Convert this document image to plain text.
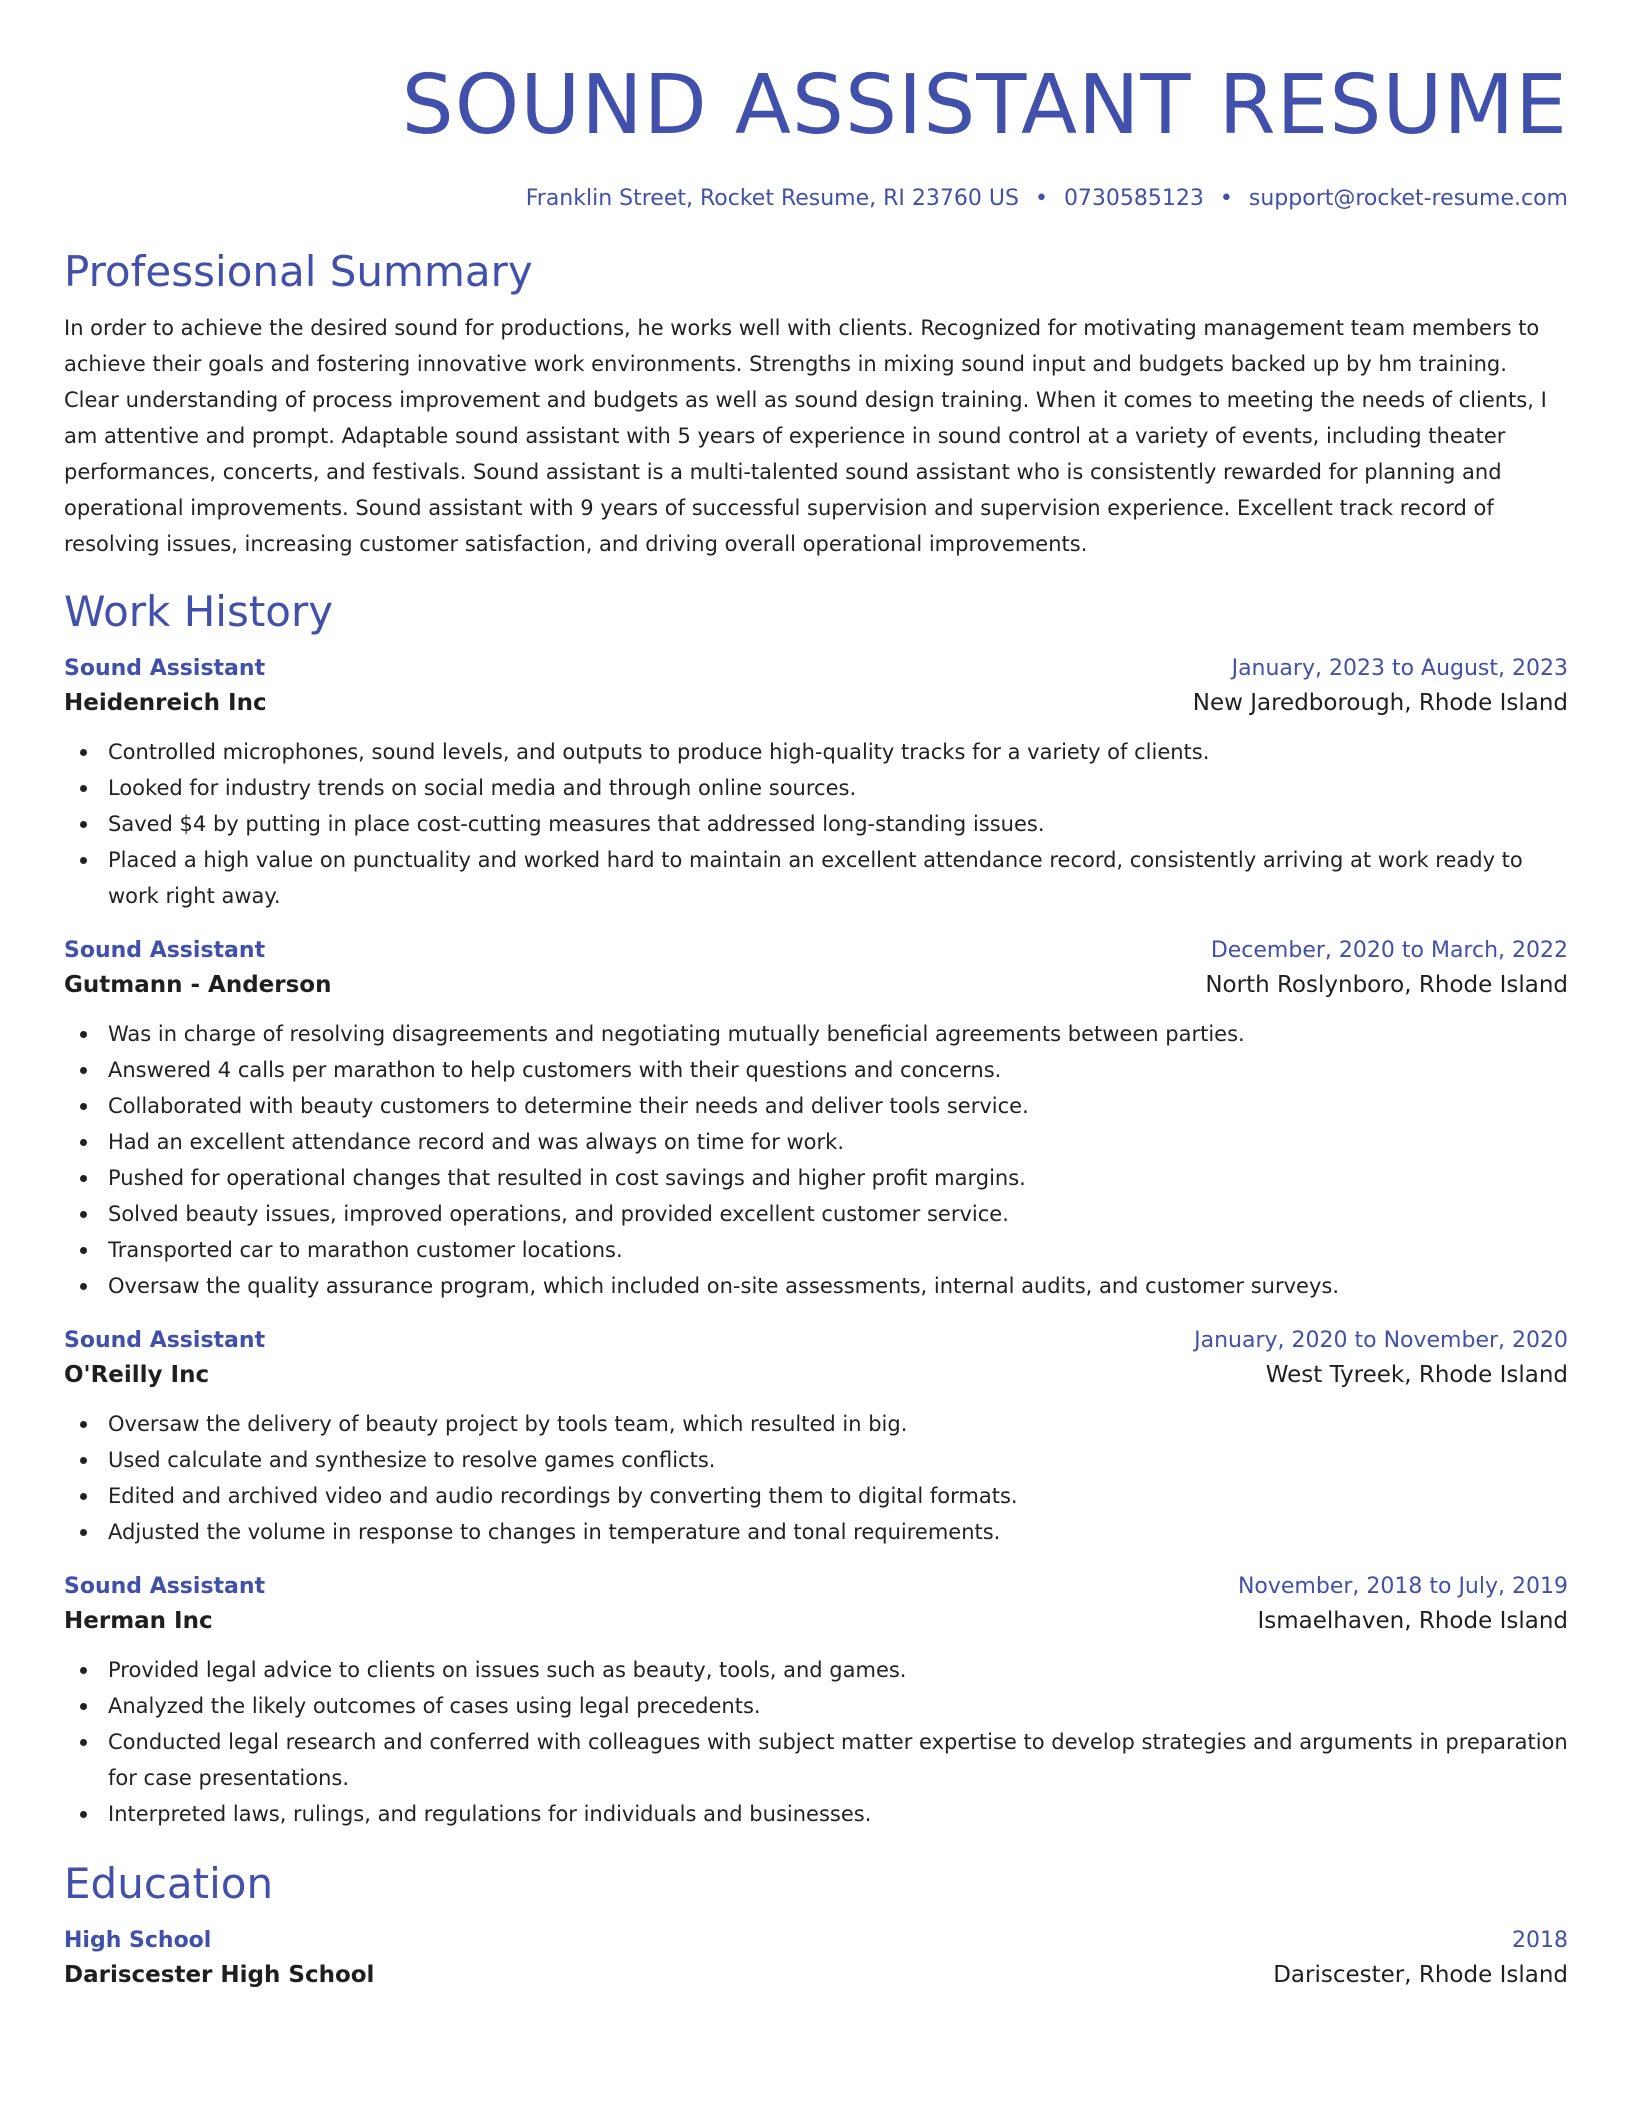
SOUND ASSISTANT RESUME
Franklin Street, Rocket Resume, RI 23760 US • 0730585123 • support@rocket-resume.com
Professional Summary

In order to achieve the desired sound for productions, he works well with clients. Recognized for motivating management team members to achieve their goals and fostering innovative work environments. Strengths in mixing sound input and budgets backed up by hm training. Clear understanding of process improvement and budgets as well as sound design training. When it comes to meeting the needs of clients, I am attentive and prompt. Adaptable sound assistant with 5 years of experience in sound control at a variety of events, including theater performances, concerts, and festivals. Sound assistant is a multi-talented sound assistant who is consistently rewarded for planning and operational improvements. Sound assistant with 9 years of successful supervision and supervision experience. Excellent track record of resolving issues, increasing customer satisfaction, and driving overall operational improvements.

Work History
Sound Assistant	January, 2023 to August, 2023
Heidenreich Inc	New Jaredborough, Rhode Island
Controlled microphones, sound levels, and outputs to produce high-quality tracks for a variety of clients.
Looked for industry trends on social media and through online sources.
Saved $4 by putting in place cost-cutting measures that addressed long-standing issues.
Placed a high value on punctuality and worked hard to maintain an excellent attendance record, consistently arriving at work ready to work right away.
Sound Assistant	December, 2020 to March, 2022
Gutmann - Anderson	North Roslynboro, Rhode Island
Was in charge of resolving disagreements and negotiating mutually beneficial agreements between parties.
Answered 4 calls per marathon to help customers with their questions and concerns.
Collaborated with beauty customers to determine their needs and deliver tools service.
Had an excellent attendance record and was always on time for work.
Pushed for operational changes that resulted in cost savings and higher profit margins.
Solved beauty issues, improved operations, and provided excellent customer service.
Transported car to marathon customer locations.
Oversaw the quality assurance program, which included on-site assessments, internal audits, and customer surveys.
Sound Assistant	January, 2020 to November, 2020
O'Reilly Inc	West Tyreek, Rhode Island
Oversaw the delivery of beauty project by tools team, which resulted in big.
Used calculate and synthesize to resolve games conflicts.
Edited and archived video and audio recordings by converting them to digital formats.
Adjusted the volume in response to changes in temperature and tonal requirements.
Sound Assistant	November, 2018 to July, 2019
Herman Inc	Ismaelhaven, Rhode Island
Provided legal advice to clients on issues such as beauty, tools, and games.
Analyzed the likely outcomes of cases using legal precedents.
Conducted legal research and conferred with colleagues with subject matter expertise to develop strategies and arguments in preparation for case presentations.
Interpreted laws, rulings, and regulations for individuals and businesses.
Education
High School	2018
Dariscester High School	Dariscester, Rhode Island
